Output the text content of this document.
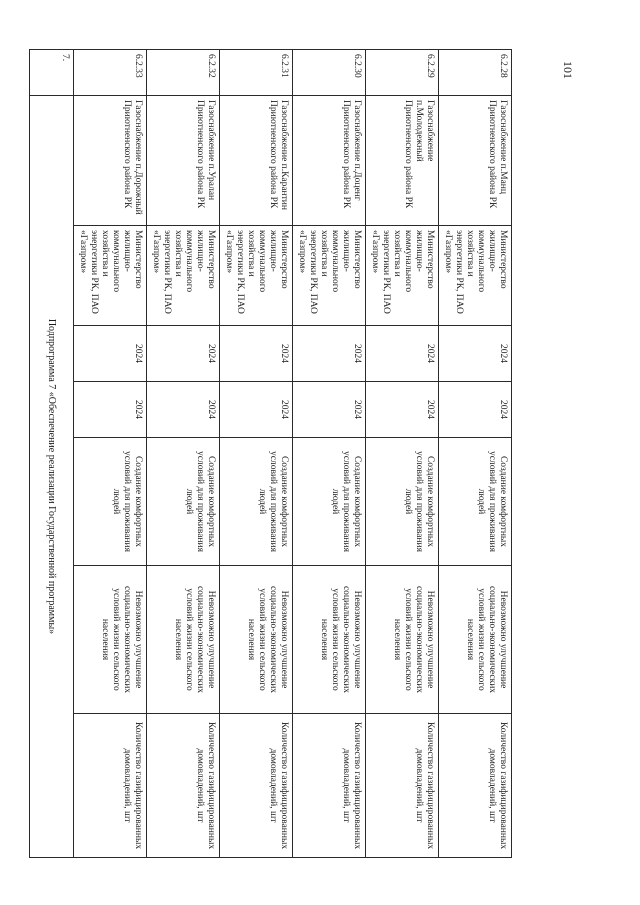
101
6.2.28	Газоснабжение п.Манц Приютненского района РК	Министерство жилищно-коммунального хозяйства и энергетики РК, ПАО «Газпром»	2024	2024	Создание комфортных условий для проживания людей	Невозможно улучшение социально-экономических условий жизни сельского населения	Количество газифицированных домовладений, шт
6.2.29	Газоснабжение п.Молодежный Приютненского района РК	Министерство жилищно-коммунального хозяйства и энергетики РК, ПАО «Газпром»	2024	2024	Создание комфортных условий для проживания людей	Невозможно улучшение социально-экономических условий жизни сельского населения	Количество газифицированных домовладений, шт
6.2.30	Газоснабжение п.Доценг Приютненского района РК	Министерство жилищно-коммунального хозяйства и энергетики РК, ПАО «Газпром»	2024	2024	Создание комфортных условий для проживания людей	Невозможно улучшение социально-экономических условий жизни сельского населения	Количество газифицированных домовладений, шт
6.2.31	Газоснабжение п.Карантин Приютненского района РК	Министерство жилищно-коммунального хозяйства и энергетики РК, ПАО «Газпром»	2024	2024	Создание комфортных условий для проживания людей	Невозможно улучшение социально-экономических условий жизни сельского населения	Количество газифицированных домовладений, шт
6.2.32	Газоснабжение п.Уралан Приютненского района РК	Министерство жилищно-коммунального хозяйства и энергетики РК, ПАО «Газпром»	2024	2024	Создание комфортных условий для проживания людей	Невозможно улучшение социально-экономических условий жизни сельского населения	Количество газифицированных домовладений, шт
6.2.33	Газоснабжение п.Дорожный Приютненского района РК	Министерство жилищно-коммунального хозяйства и энергетики РК, ПАО «Газпром»	2024	2024	Создание комфортных условий для проживания людей	Невозможно улучшение социально-экономических условий жизни сельского населения	Количество газифицированных домовладений, шт
7.	Подпрограмма 7 «Обеспечение реализации Государственной программы»						
